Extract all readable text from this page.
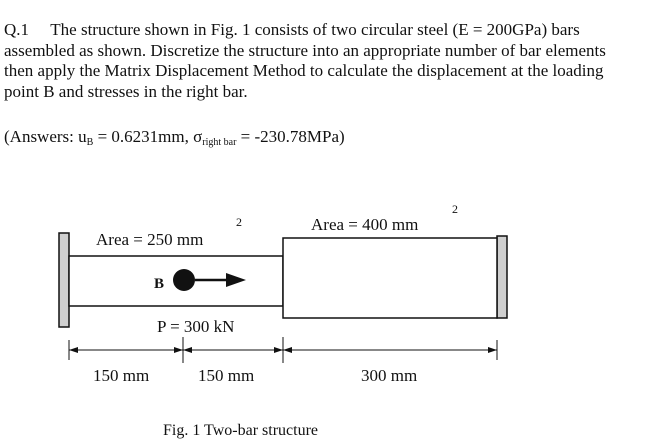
Q.1 The structure shown in Fig. 1 consists of two circular steel (E = 200GPa) bars
assembled as shown. Discretize the structure into an appropriate number of bar elements
then apply the Matrix Displacement Method to calculate the displacement at the loading
point B and stresses in the right bar.
(Answers: $u_B = 0.6231mm$, $\sigma_{right bar} = -230.78MPa$)
B
Area = 250 mm
2	Area = 400 mm
2
P = 300 kN
150 mm	150 mm	300 mm
Fig. 1 Two-bar structure
